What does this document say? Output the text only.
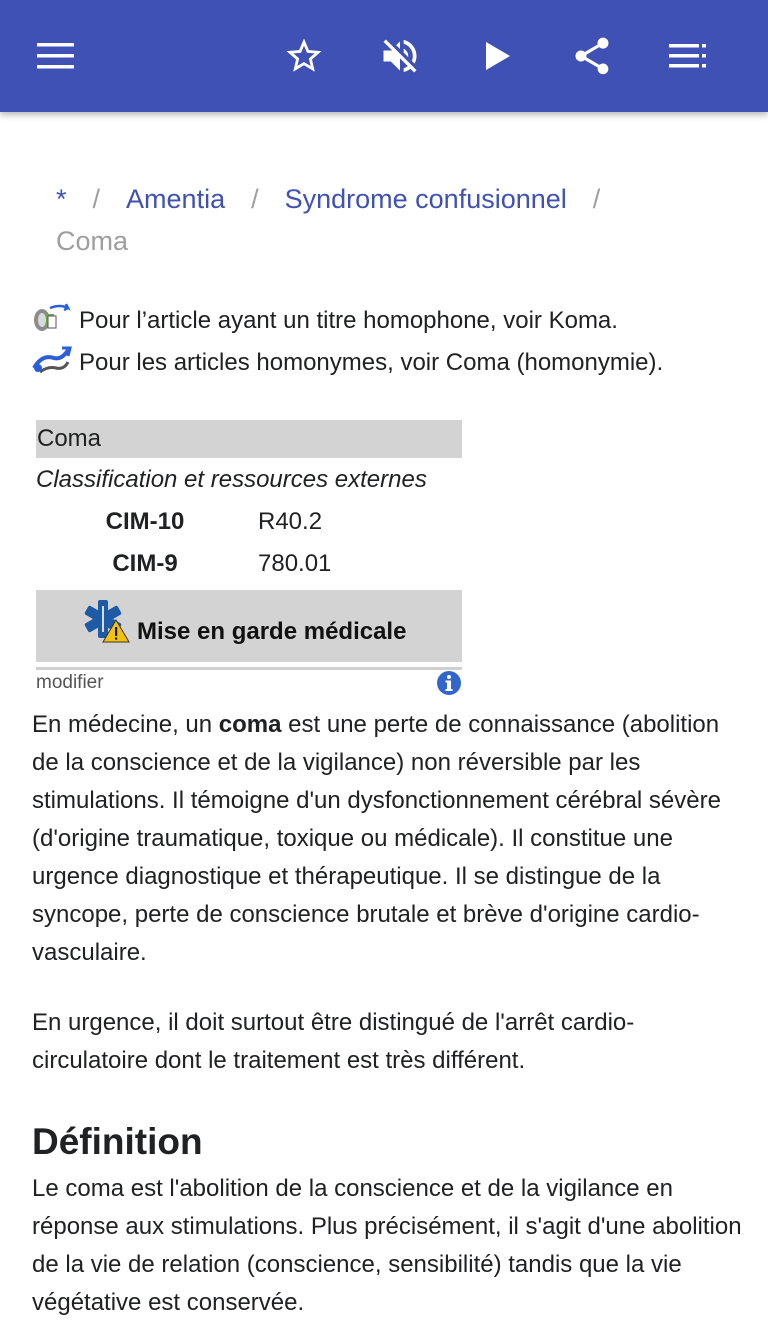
* / Amentia / Syndrome confusionnel /
Coma
Pour l’article ayant un titre homophone, voir Koma.
Pour les articles homonymes, voir Coma (homonymie).
Coma
Classification et ressources externes
CIM-10	R40.2
CIM-9	780.01
Mise en garde médicale
modifier

En médecine, un coma est une perte de connaissance (abolition de la conscience et de la vigilance) non réversible par les stimulations. Il témoigne d'un dysfonctionnement cérébral sévère (d'origine traumatique, toxique ou médicale). Il constitue une urgence diagnostique et thérapeutique. Il se distingue de la syncope, perte de conscience brutale et brève d'origine cardio-vasculaire.

En urgence, il doit surtout être distingué de l'arrêt cardio-circulatoire dont le traitement est très différent.

Définition

Le coma est l'abolition de la conscience et de la vigilance en réponse aux stimulations. Plus précisément, il s'agit d'une abolition de la vie de relation (conscience, sensibilité) tandis que la vie végétative est conservée.
